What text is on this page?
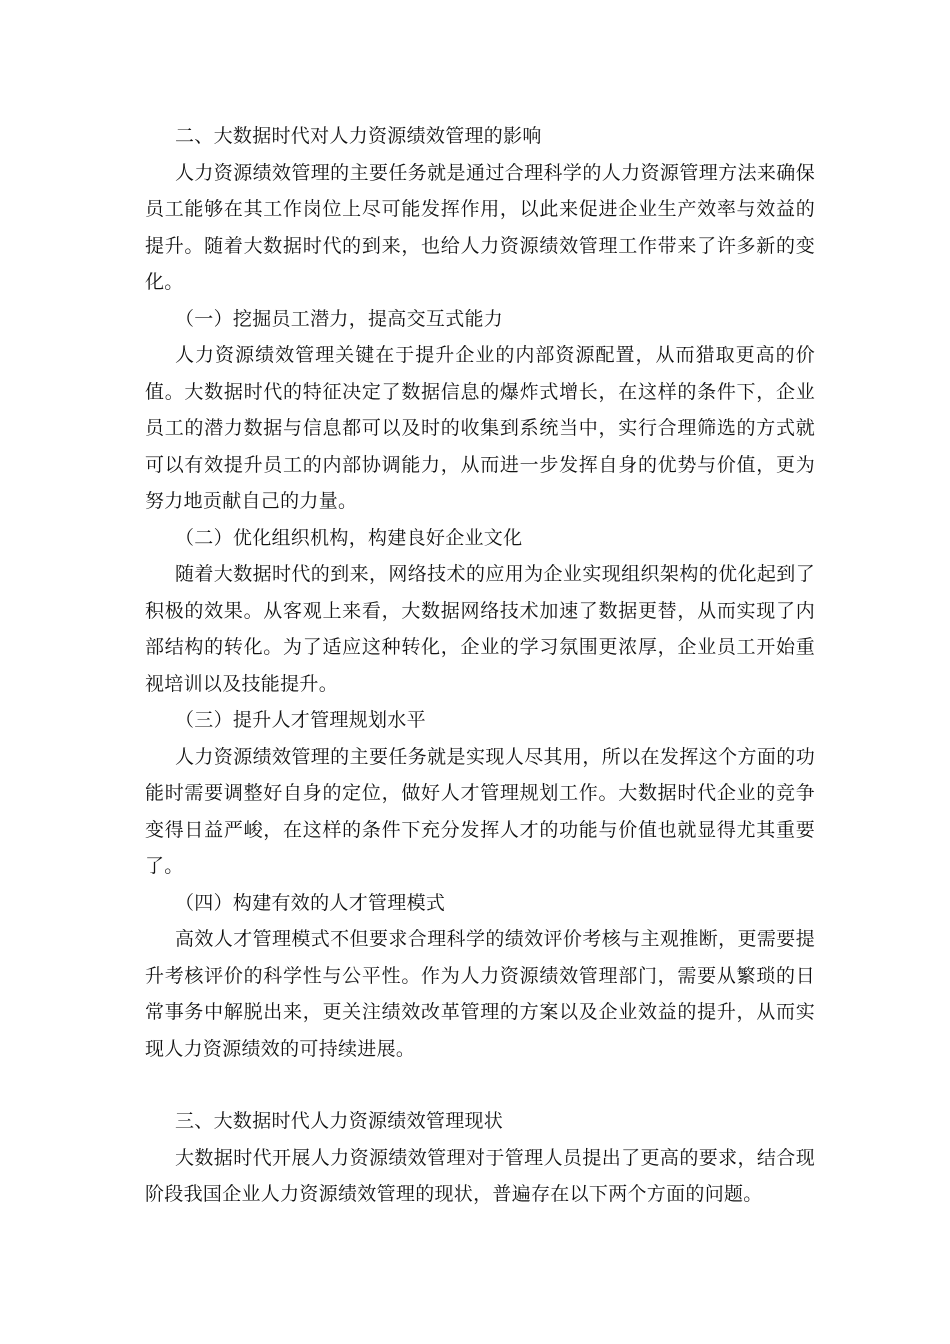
二、大数据时代对人力资源绩效管理的影响

人力资源绩效管理的主要任务就是通过合理科学的人力资源管理方法来确保员工能够在其工作岗位上尽可能发挥作用，以此来促进企业生产效率与效益的提升。随着大数据时代的到来，也给人力资源绩效管理工作带来了许多新的变化。

（一）挖掘员工潜力，提高交互式能力

人力资源绩效管理关键在于提升企业的内部资源配置，从而猎取更高的价值。大数据时代的特征决定了数据信息的爆炸式增长，在这样的条件下，企业员工的潜力数据与信息都可以及时的收集到系统当中，实行合理筛选的方式就可以有效提升员工的内部协调能力，从而进一步发挥自身的优势与价值，更为努力地贡献自己的力量。

（二）优化组织机构，构建良好企业文化

随着大数据时代的到来，网络技术的应用为企业实现组织架构的优化起到了积极的效果。从客观上来看，大数据网络技术加速了数据更替，从而实现了内部结构的转化。为了适应这种转化，企业的学习氛围更浓厚，企业员工开始重视培训以及技能提升。

（三）提升人才管理规划水平

人力资源绩效管理的主要任务就是实现人尽其用，所以在发挥这个方面的功能时需要调整好自身的定位，做好人才管理规划工作。大数据时代企业的竞争变得日益严峻，在这样的条件下充分发挥人才的功能与价值也就显得尤其重要了。

（四）构建有效的人才管理模式

高效人才管理模式不但要求合理科学的绩效评价考核与主观推断，更需要提升考核评价的科学性与公平性。作为人力资源绩效管理部门，需要从繁琐的日常事务中解脱出来，更关注绩效改革管理的方案以及企业效益的提升，从而实现人力资源绩效的可持续进展。

三、大数据时代人力资源绩效管理现状

大数据时代开展人力资源绩效管理对于管理人员提出了更高的要求，结合现阶段我国企业人力资源绩效管理的现状，普遍存在以下两个方面的问题。
